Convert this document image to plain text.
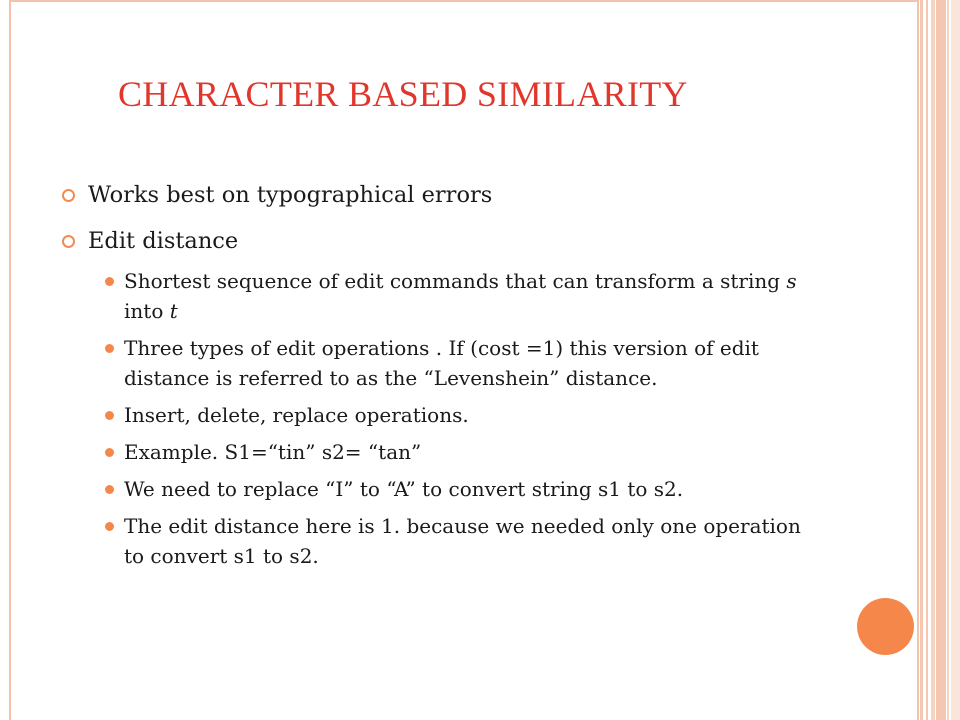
CHARACTER BASED SIMILARITY
Works best on typographical errors
Edit distance
Shortest sequence of edit commands that can transform a string s into t
Three types of edit operations . If (cost =1) this version of edit distance is referred to as the “Levenshein” distance.
Insert, delete, replace operations.
Example. S1=“tin” s2= “tan”
We need to replace “I” to “A” to convert string s1 to s2.
The edit distance here is 1. because we needed only one operation to convert s1 to s2.
